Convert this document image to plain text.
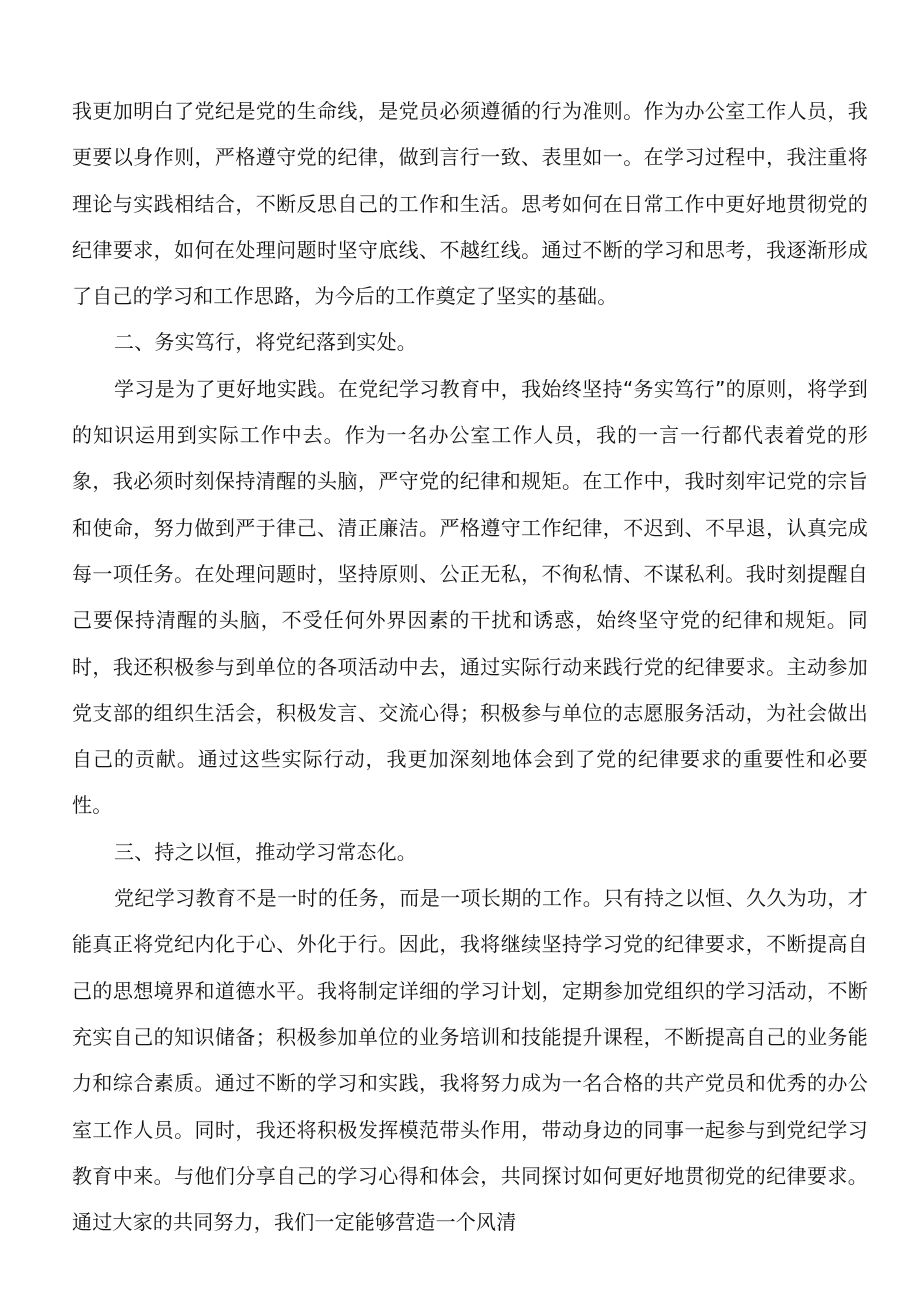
我更加明白了党纪是党的生命线，是党员必须遵循的行为准则。作为办公室工作人员，我更要以身作则，严格遵守党的纪律，做到言行一致、表里如一。在学习过程中，我注重将理论与实践相结合，不断反思自己的工作和生活。思考如何在日常工作中更好地贯彻党的纪律要求，如何在处理问题时坚守底线、不越红线。通过不断的学习和思考，我逐渐形成了自己的学习和工作思路，为今后的工作奠定了坚实的基础。

二、务实笃行，将党纪落到实处。

学习是为了更好地实践。在党纪学习教育中，我始终坚持“务实笃行”的原则，将学到的知识运用到实际工作中去。作为一名办公室工作人员，我的一言一行都代表着党的形象，我必须时刻保持清醒的头脑，严守党的纪律和规矩。在工作中，我时刻牢记党的宗旨和使命，努力做到严于律己、清正廉洁。严格遵守工作纪律，不迟到、不早退，认真完成每一项任务。在处理问题时，坚持原则、公正无私，不徇私情、不谋私利。我时刻提醒自己要保持清醒的头脑，不受任何外界因素的干扰和诱惑，始终坚守党的纪律和规矩。同时，我还积极参与到单位的各项活动中去，通过实际行动来践行党的纪律要求。主动参加党支部的组织生活会，积极发言、交流心得；积极参与单位的志愿服务活动，为社会做出自己的贡献。通过这些实际行动，我更加深刻地体会到了党的纪律要求的重要性和必要性。

三、持之以恒，推动学习常态化。

党纪学习教育不是一时的任务，而是一项长期的工作。只有持之以恒、久久为功，才能真正将党纪内化于心、外化于行。因此，我将继续坚持学习党的纪律要求，不断提高自己的思想境界和道德水平。我将制定详细的学习计划，定期参加党组织的学习活动，不断充实自己的知识储备；积极参加单位的业务培训和技能提升课程，不断提高自己的业务能力和综合素质。通过不断的学习和实践，我将努力成为一名合格的共产党员和优秀的办公室工作人员。同时，我还将积极发挥模范带头作用，带动身边的同事一起参与到党纪学习教育中来。与他们分享自己的学习心得和体会，共同探讨如何更好地贯彻党的纪律要求。通过大家的共同努力，我们一定能够营造一个风清
